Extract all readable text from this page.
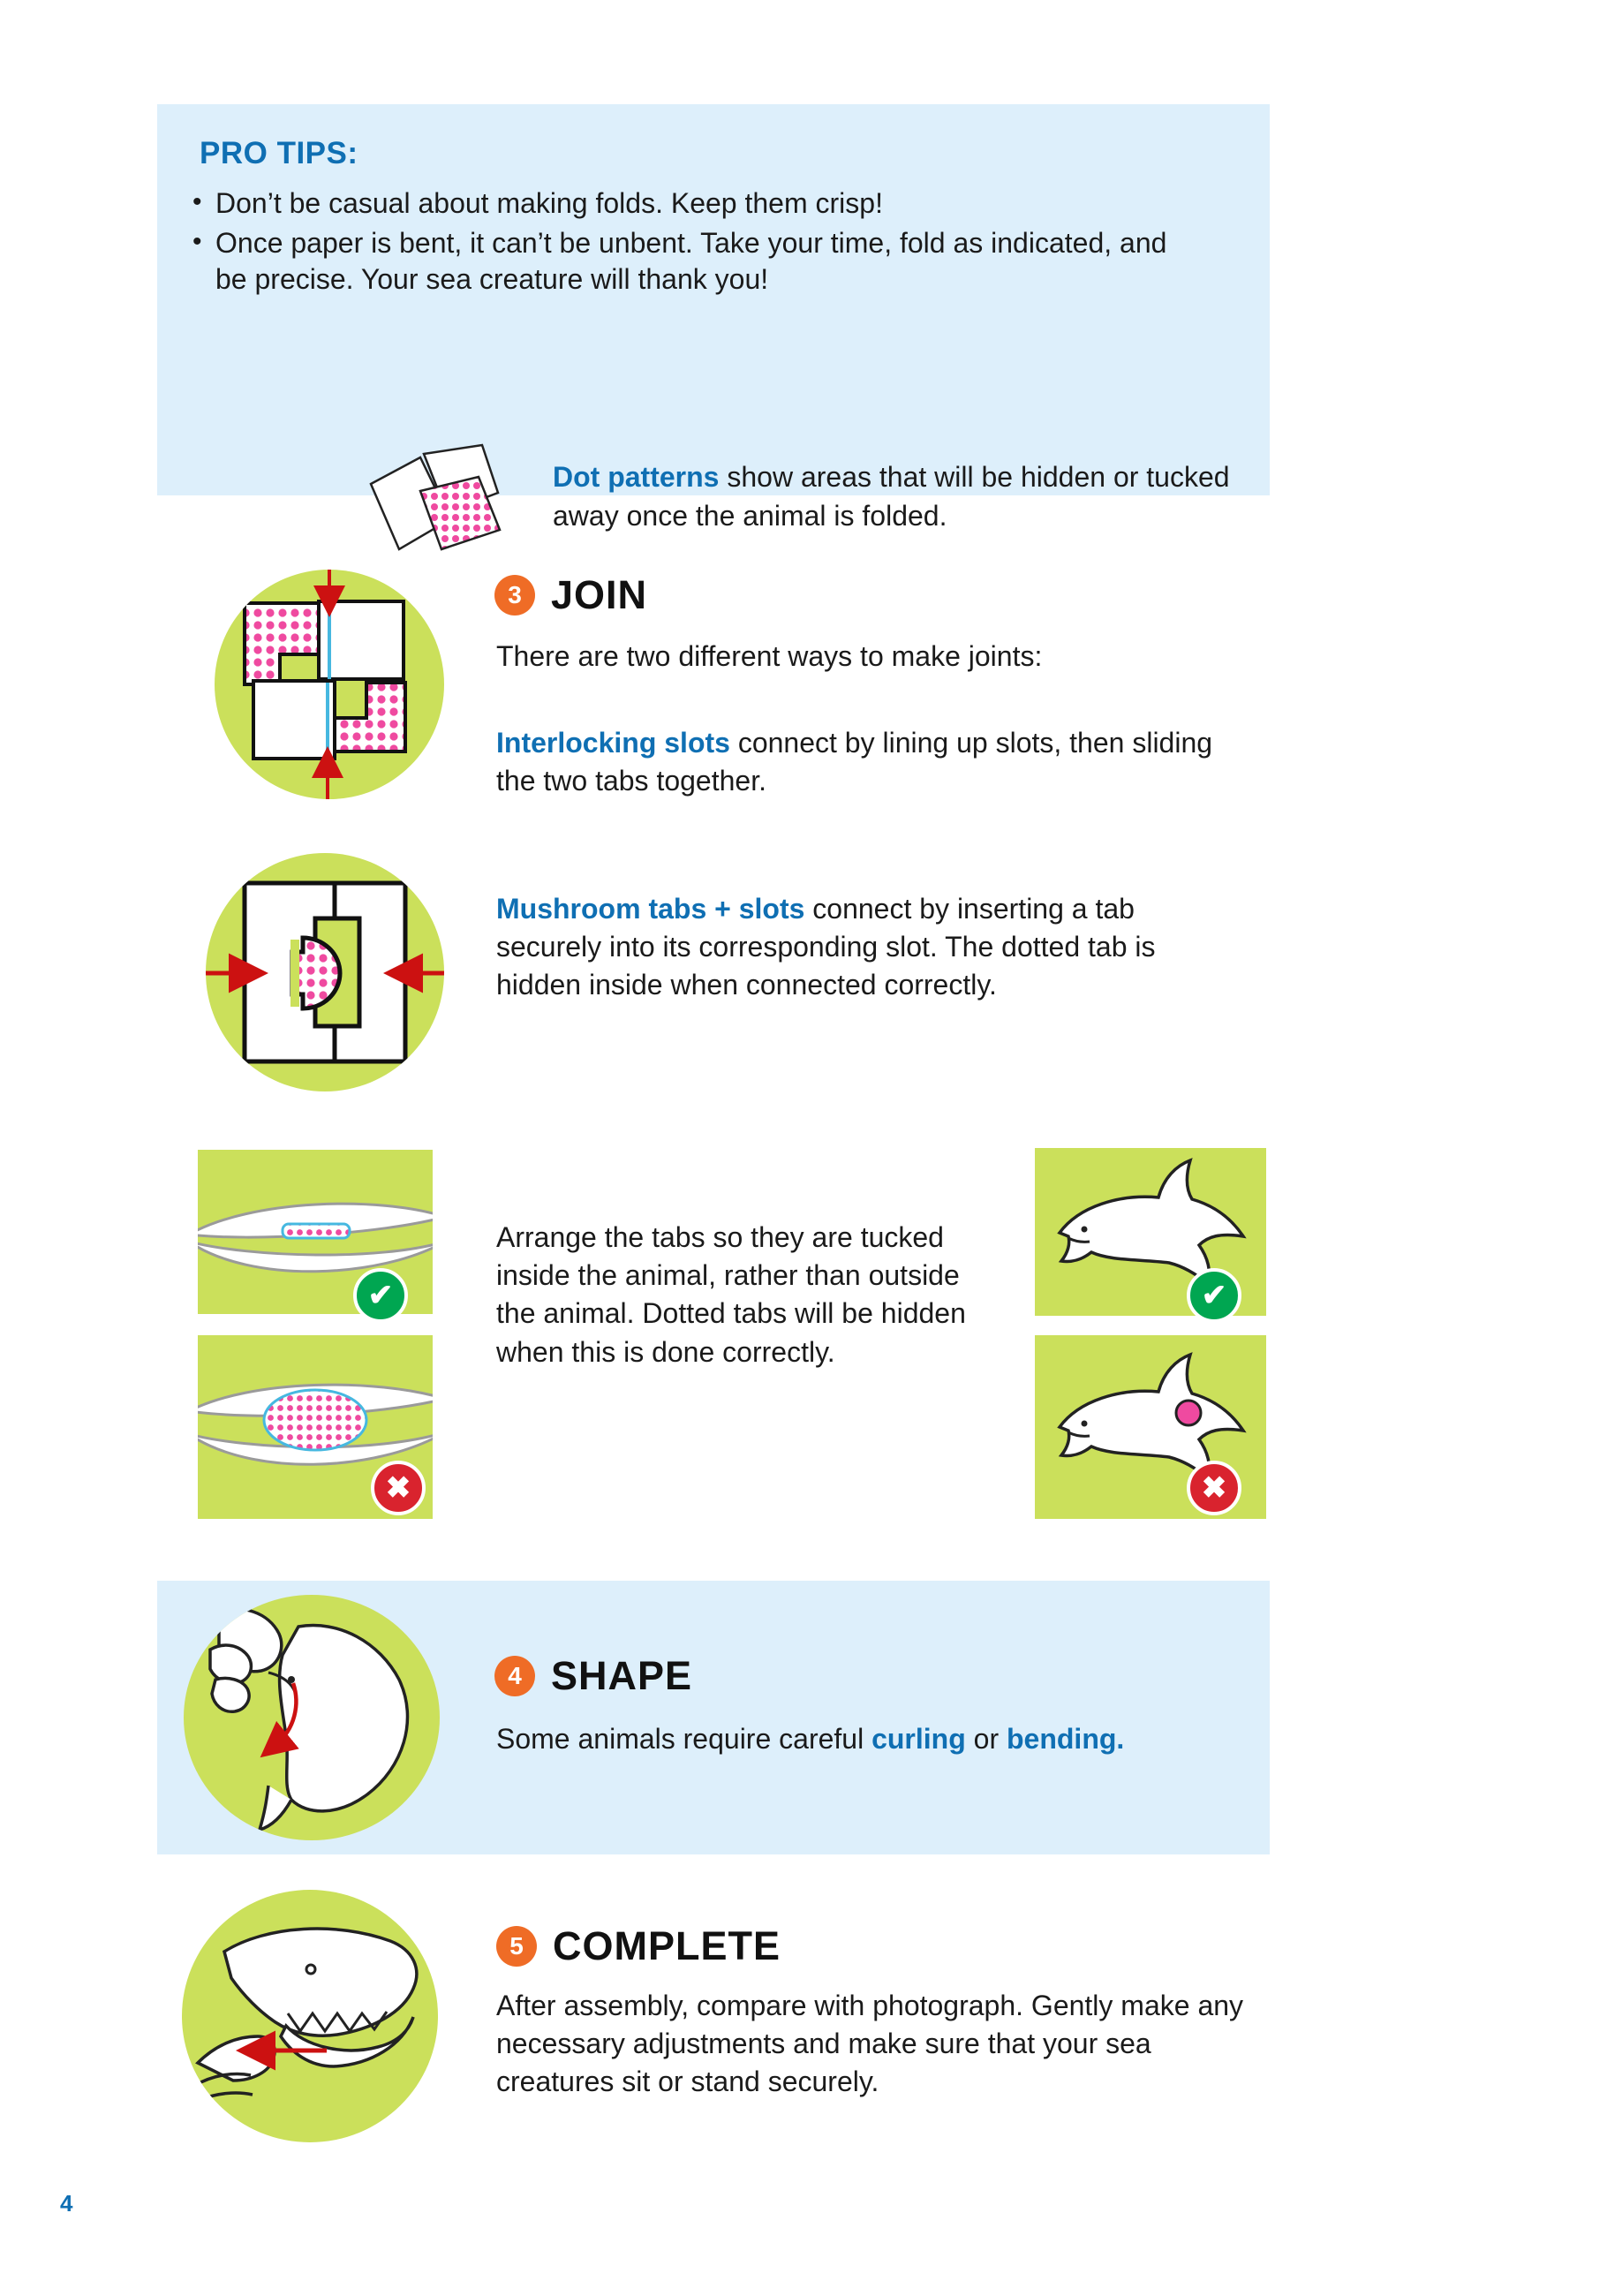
PRO TIPS:
• Don’t be casual about making folds. Keep them crisp!
• Once paper is bent, it can’t be unbent. Take your time, fold as indicated, and be precise. Your sea creature will thank you!
Dot patterns show areas that will be hidden or tucked away once the animal is folded.
3 JOIN
There are two different ways to make joints:
Interlocking slots connect by lining up slots, then sliding the two tabs together.
Mushroom tabs + slots connect by inserting a tab securely into its corresponding slot. The dotted tab is hidden inside when connected correctly.
✔
✖
Arrange the tabs so they are tucked inside the animal, rather than outside the animal. Dotted tabs will be hidden when this is done correctly.
✔
✖
4 SHAPE
Some animals require careful curling or bending.
5 COMPLETE
After assembly, compare with photograph. Gently make any necessary adjustments and make sure that your sea creatures sit or stand securely.
4
